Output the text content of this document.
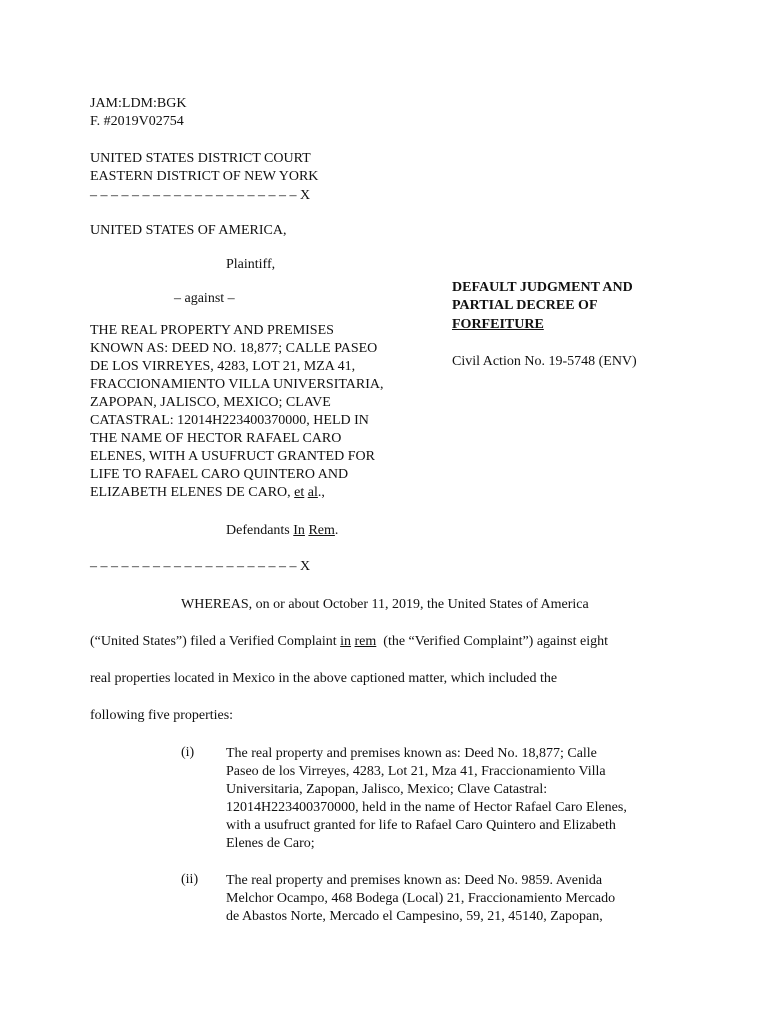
JAM:LDM:BGK
F. #2019V02754
UNITED STATES DISTRICT COURT
EASTERN DISTRICT OF NEW YORK
– – – – – – – – – – – – – – – – – – – – X
UNITED STATES OF AMERICA,
Plaintiff,
– against –
THE REAL PROPERTY AND PREMISES
KNOWN AS: DEED NO. 18,877; CALLE PASEO
DE LOS VIRREYES, 4283, LOT 21, MZA 41,
FRACCIONAMIENTO VILLA UNIVERSITARIA,
ZAPOPAN, JALISCO, MEXICO; CLAVE
CATASTRAL: 12014H223400370000, HELD IN
THE NAME OF HECTOR RAFAEL CARO
ELENES, WITH A USUFRUCT GRANTED FOR
LIFE TO RAFAEL CARO QUINTERO AND
ELIZABETH ELENES DE CARO, et al.,
Defendants In Rem.
– – – – – – – – – – – – – – – – – – – – X
DEFAULT JUDGMENT AND
PARTIAL DECREE OF
FORFEITURE
Civil Action No. 19-5748 (ENV)
WHEREAS, on or about October 11, 2019, the United States of America
(“United States”) filed a Verified Complaint in rem  (the “Verified Complaint”) against eight
real properties located in Mexico in the above captioned matter, which included the
following five properties:
(i) The real property and premises known as: Deed No. 18,877; Calle
Paseo de los Virreyes, 4283, Lot 21, Mza 41, Fraccionamiento Villa
Universitaria, Zapopan, Jalisco, Mexico; Clave Catastral:
12014H223400370000, held in the name of Hector Rafael Caro Elenes,
with a usufruct granted for life to Rafael Caro Quintero and Elizabeth
Elenes de Caro;
(ii) The real property and premises known as: Deed No. 9859. Avenida
Melchor Ocampo, 468 Bodega (Local) 21, Fraccionamiento Mercado
de Abastos Norte, Mercado el Campesino, 59, 21, 45140, Zapopan,
